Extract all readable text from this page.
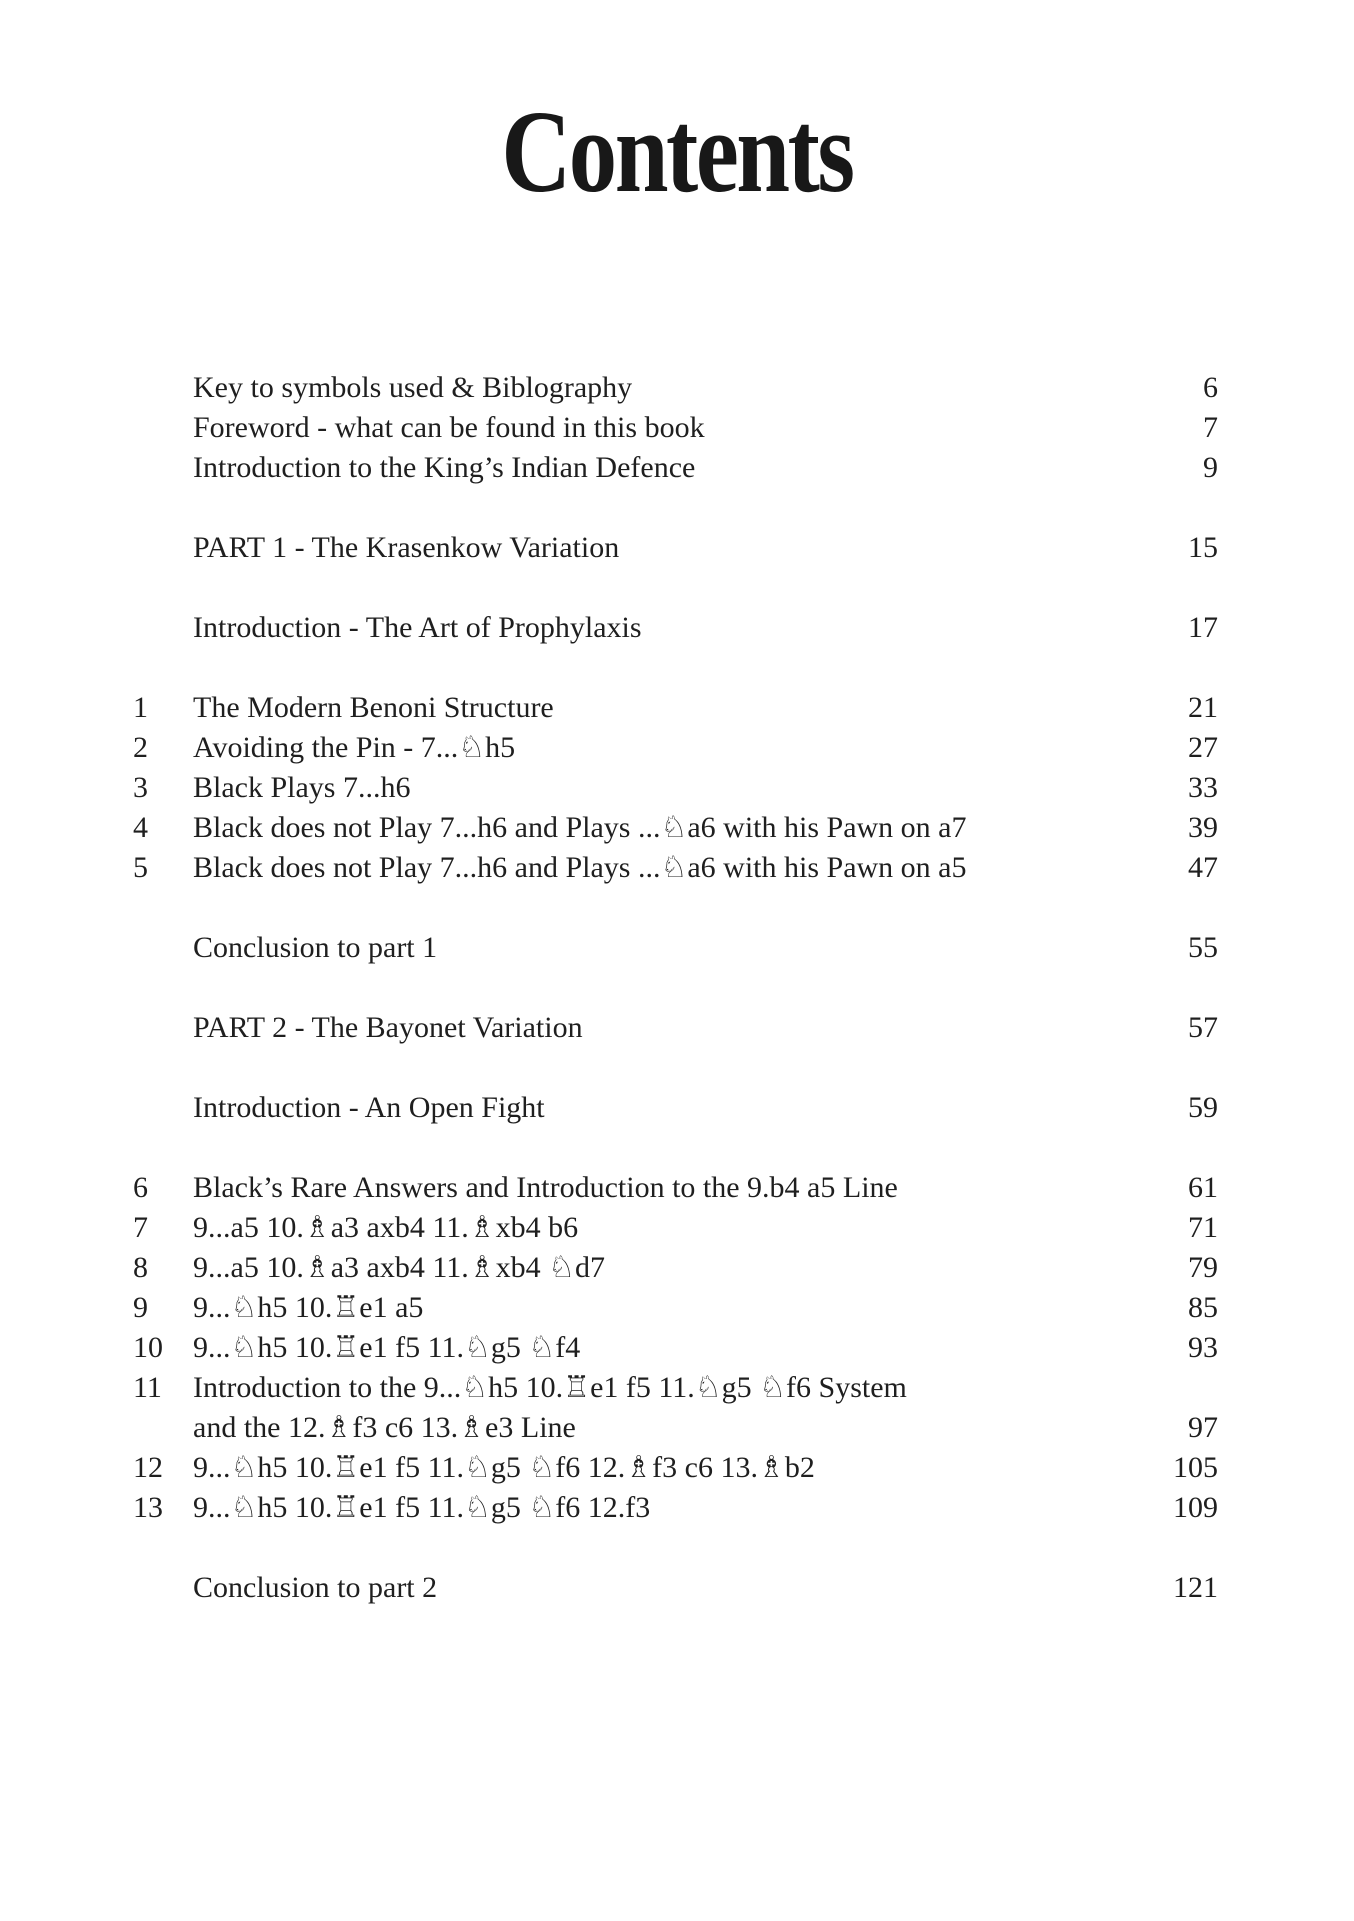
Contents
Key to symbols used & Biblography	6
Foreword - what can be found in this book	7
Introduction to the King’s Indian Defence	9
PART 1 - The Krasenkow Variation	15
Introduction - The Art of Prophylaxis	17
1	The Modern Benoni Structure	21
2	Avoiding the Pin - 7...♘h5	27
3	Black Plays 7...h6	33
4	Black does not Play 7...h6 and Plays ...♘a6 with his Pawn on a7	39
5	Black does not Play 7...h6 and Plays ...♘a6 with his Pawn on a5	47
Conclusion to part 1	55
PART 2 - The Bayonet Variation	57
Introduction - An Open Fight	59
6	Black’s Rare Answers and Introduction to the 9.b4 a5 Line	61
7	9...a5 10.♗a3 axb4 11.♗xb4 b6	71
8	9...a5 10.♗a3 axb4 11.♗xb4 ♘d7	79
9	9...♘h5 10.♖e1 a5	85
10	9...♘h5 10.♖e1 f5 11.♘g5 ♘f4	93
11	Introduction to the 9...♘h5 10.♖e1 f5 11.♘g5 ♘f6 System
and the 12.♗f3 c6 13.♗e3 Line	97
12	9...♘h5 10.♖e1 f5 11.♘g5 ♘f6 12.♗f3 c6 13.♗b2	105
13	9...♘h5 10.♖e1 f5 11.♘g5 ♘f6 12.f3	109
Conclusion to part 2	121
